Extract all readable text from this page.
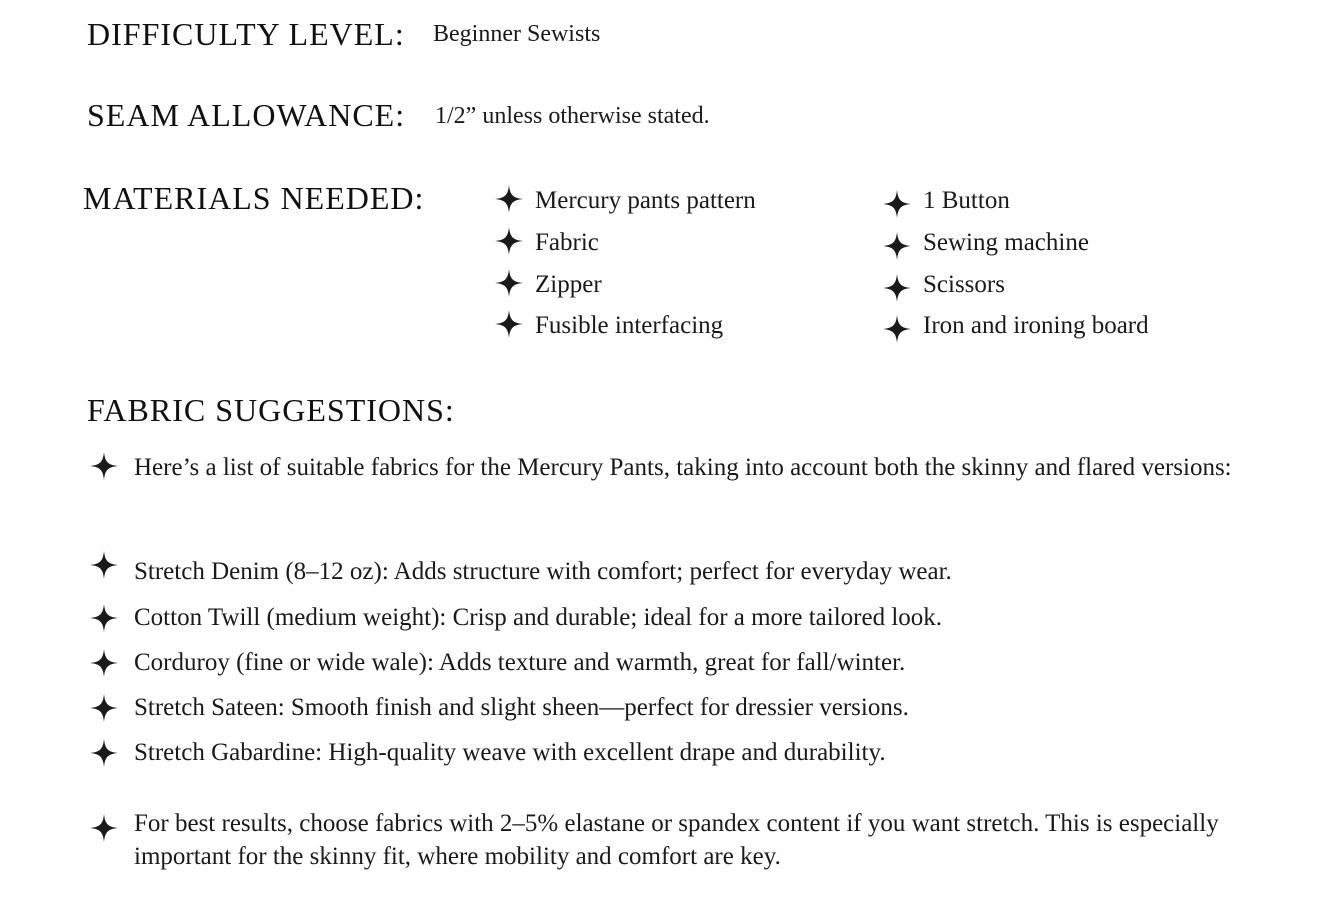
DIFFICULTY LEVEL: Beginner Sewists
SEAM ALLOWANCE: 1/2” unless otherwise stated.
MATERIALS NEEDED:	Mercury pants pattern
Fabric
Zipper
Fusible interfacing
1 Button
Sewing machine
Scissors
Iron and ironing board
FABRIC SUGGESTIONS:
Here’s a list of suitable fabrics for the Mercury Pants, taking into account both the skinny and flared versions:
Stretch Denim (8–12 oz): Adds structure with comfort; perfect for everyday wear.
Cotton Twill (medium weight): Crisp and durable; ideal for a more tailored look.
Corduroy (fine or wide wale): Adds texture and warmth, great for fall/winter.
Stretch Sateen: Smooth finish and slight sheen—perfect for dressier versions.
Stretch Gabardine: High-quality weave with excellent drape and durability.
For best results, choose fabrics with 2–5% elastane or spandex content if you want stretch. This is especially important for the skinny fit, where mobility and comfort are key.
